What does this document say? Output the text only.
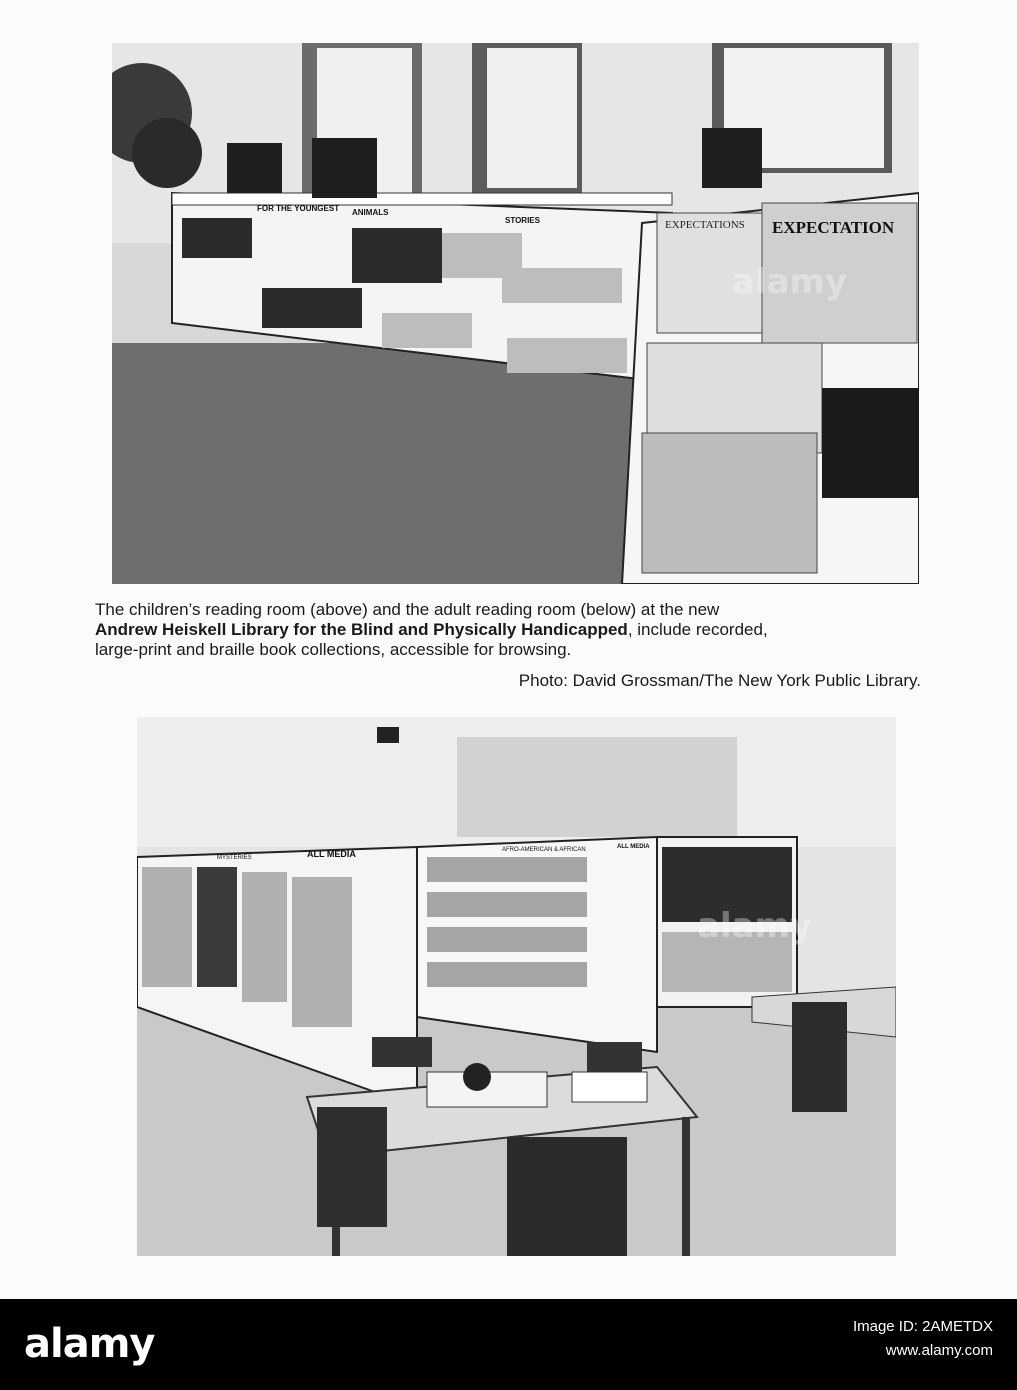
FOR THE YOUNGEST ANIMALS
STORIES	EXPECTATIONS EXPECTATION
alamy
The children’s reading room (above) and the adult reading room (below) at the new
Andrew Heiskell Library for the Blind and Physically Handicapped, include recorded,
large-print and braille book collections, accessible for browsing.
Photo: David Grossman/The New York Public Library.
ALL MEDIA
ALL MEDIA
MYSTERIES
AFRO-AMERICAN & AFRICAN
alamy
alamy	Image ID: 2AMETDX
www.alamy.com
